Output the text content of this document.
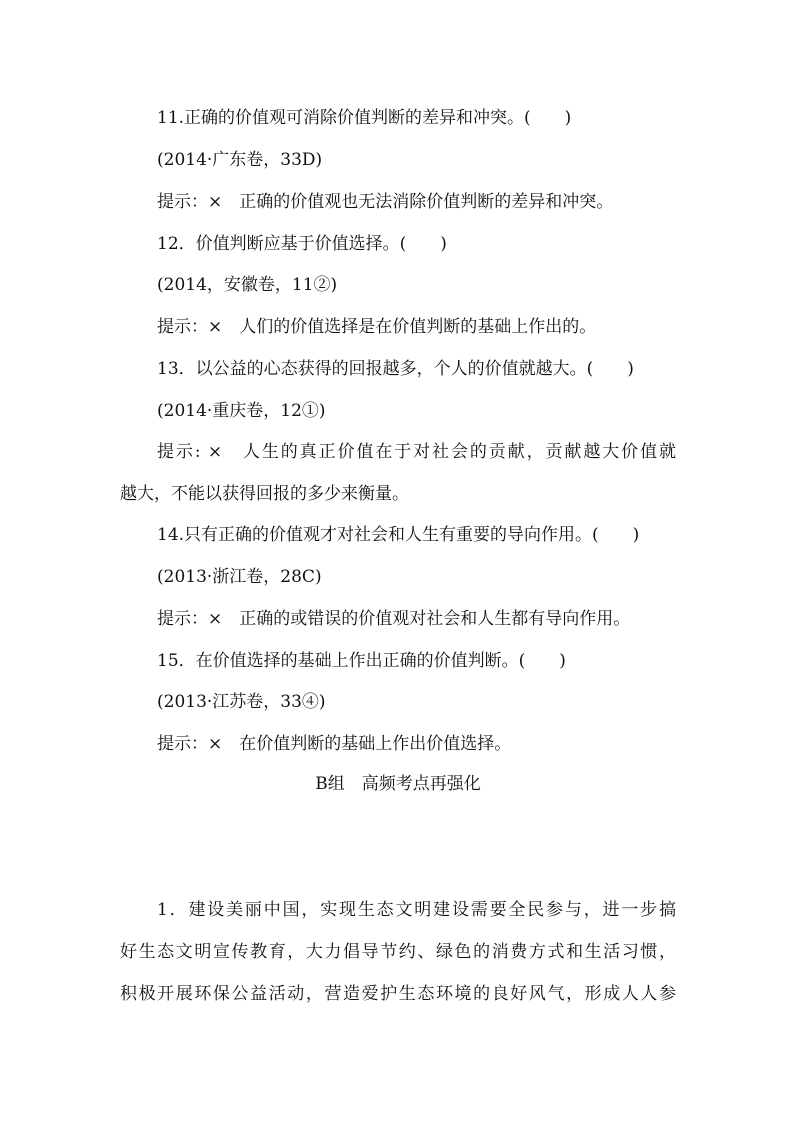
11.正确的价值观可消除价值判断的差异和冲突。(　　)
(2014·广东卷，33D)
提示：×　正确的价值观也无法消除价值判断的差异和冲突。
12．价值判断应基于价值选择。(　　)
(2014，安徽卷，11②)
提示：×　人们的价值选择是在价值判断的基础上作出的。
13．以公益的心态获得的回报越多，个人的价值就越大。(　　)
(2014·重庆卷，12①)
提示: ×　人生的真正价值在于对社会的贡献，贡献越大价值就
越大，不能以获得回报的多少来衡量。
14.只有正确的价值观才对社会和人生有重要的导向作用。(　　)
(2013·浙江卷，28C)
提示：×　正确的或错误的价值观对社会和人生都有导向作用。
15．在价值选择的基础上作出正确的价值判断。(　　)
(2013·江苏卷，33④)
提示：×　在价值判断的基础上作出价值选择。
B组　高频考点再强化
1．建设美丽中国，实现生态文明建设需要全民参与，进一步搞
好生态文明宣传教育，大力倡导节约、绿色的消费方式和生活习惯，
积极开展环保公益活动，营造爱护生态环境的良好风气，形成人人参
